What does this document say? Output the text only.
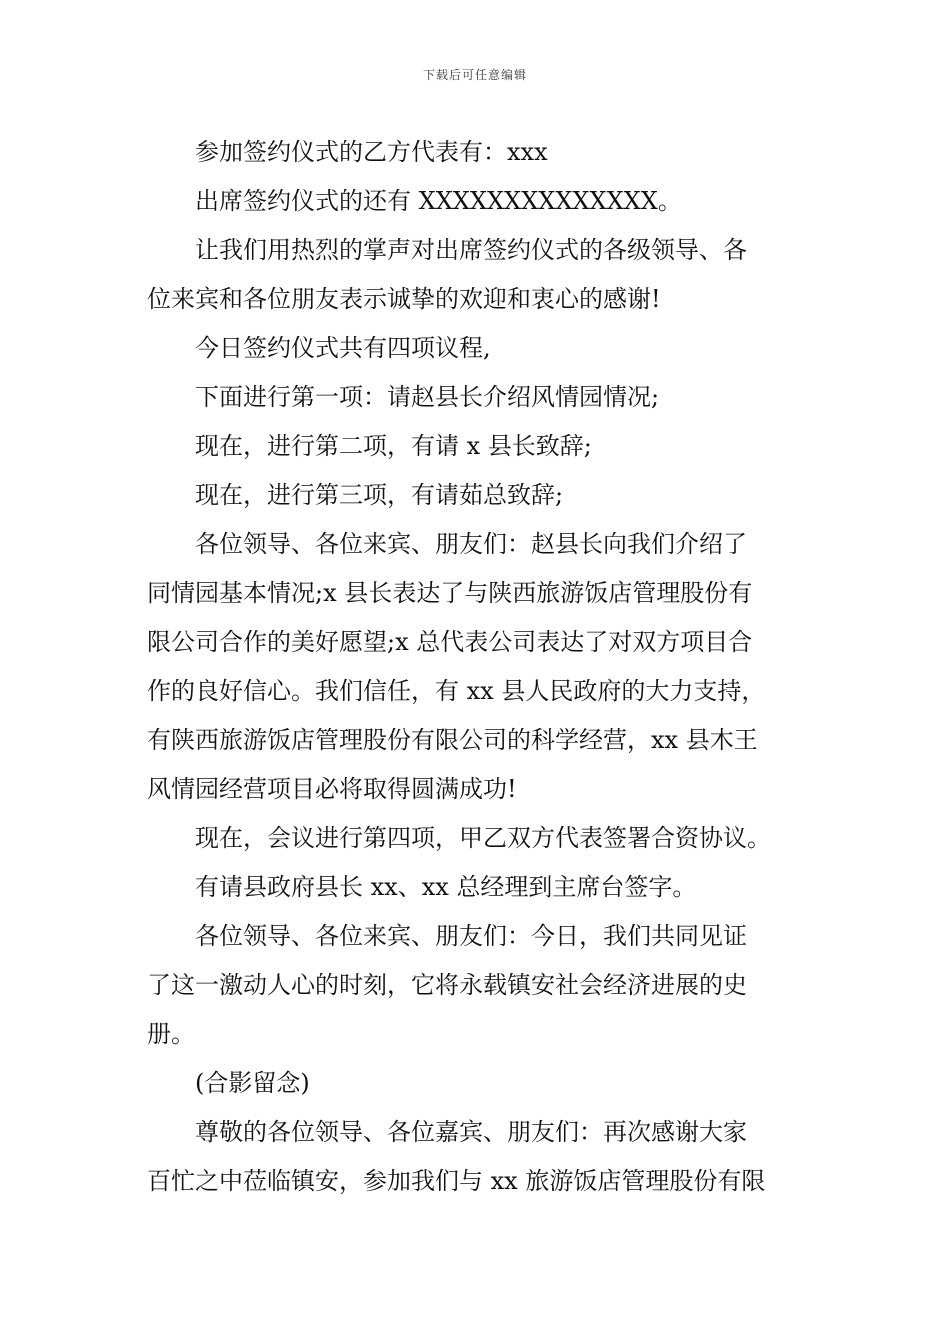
下载后可任意编辑
参加签约仪式的乙方代表有：xxx
出席签约仪式的还有 XXXXXXXXXXXXXX。
让我们用热烈的掌声对出席签约仪式的各级领导、各
位来宾和各位朋友表示诚挚的欢迎和衷心的感谢!
今日签约仪式共有四项议程,
下面进行第一项：请赵县长介绍风情园情况;
现在，进行第二项，有请 x 县长致辞;
现在，进行第三项，有请茹总致辞;
各位领导、各位来宾、朋友们：赵县长向我们介绍了
同情园基本情况;x 县长表达了与陕西旅游饭店管理股份有
限公司合作的美好愿望;x 总代表公司表达了对双方项目合
作的良好信心。我们信任，有 xx 县人民政府的大力支持，
有陕西旅游饭店管理股份有限公司的科学经营，xx 县木王
风情园经营项目必将取得圆满成功!
现在，会议进行第四项，甲乙双方代表签署合资协议。
有请县政府县长 xx、xx 总经理到主席台签字。
各位领导、各位来宾、朋友们：今日，我们共同见证
了这一激动人心的时刻，它将永载镇安社会经济进展的史
册。
(合影留念)
尊敬的各位领导、各位嘉宾、朋友们：再次感谢大家
百忙之中莅临镇安，参加我们与 xx 旅游饭店管理股份有限
